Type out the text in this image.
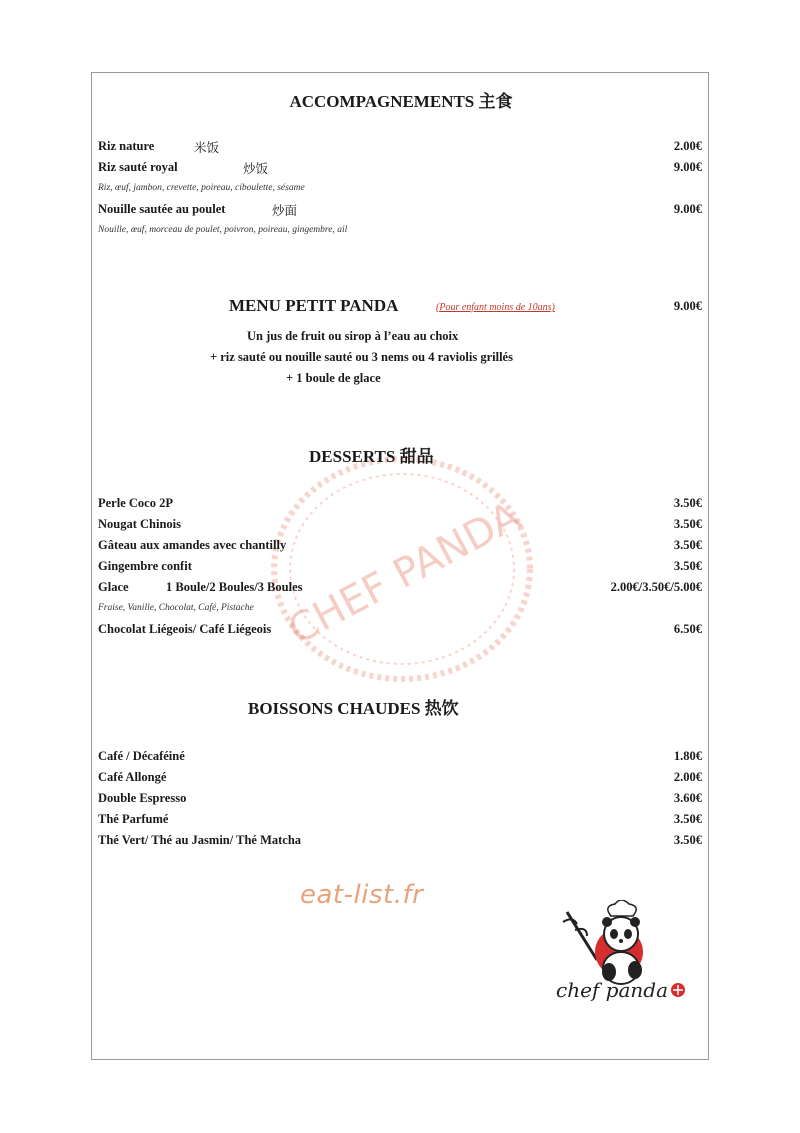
CHEF PANDA
ACCOMPAGNEMENTS 主食
Riz nature	米饭	2.00€
Riz sauté royal	炒饭	9.00€
Riz, œuf, jambon, crevette, poireau, ciboulette, sésame
Nouille sautée au poulet	炒面	9.00€
Nouille, œuf, morceau de poulet, poivron, poireau, gingembre, ail
MENU PETIT PANDA	(Pour enfant moins de 10ans)	9.00€
Un jus de fruit ou sirop à l’eau au choix
+ riz sauté ou nouille sauté ou 3 nems ou 4 raviolis grillés
+ 1 boule de glace
DESSERTS 甜品
Perle Coco 2P	3.50€
Nougat Chinois	3.50€
Gâteau aux amandes avec chantilly	3.50€
Gingembre confit	3.50€
Glace	1 Boule/2 Boules/3 Boules	2.00€/3.50€/5.00€
Fraise, Vanille, Chocolat, Café, Pistache
Chocolat Liégeois/ Café Liégeois	6.50€
BOISSONS CHAUDES 热饮
Café / Décaféiné	1.80€
Café Allongé	2.00€
Double Espresso	3.60€
Thé Parfumé	3.50€
Thé Vert/ Thé au Jasmin/ Thé Matcha	3.50€
eat-list.fr
chef panda
